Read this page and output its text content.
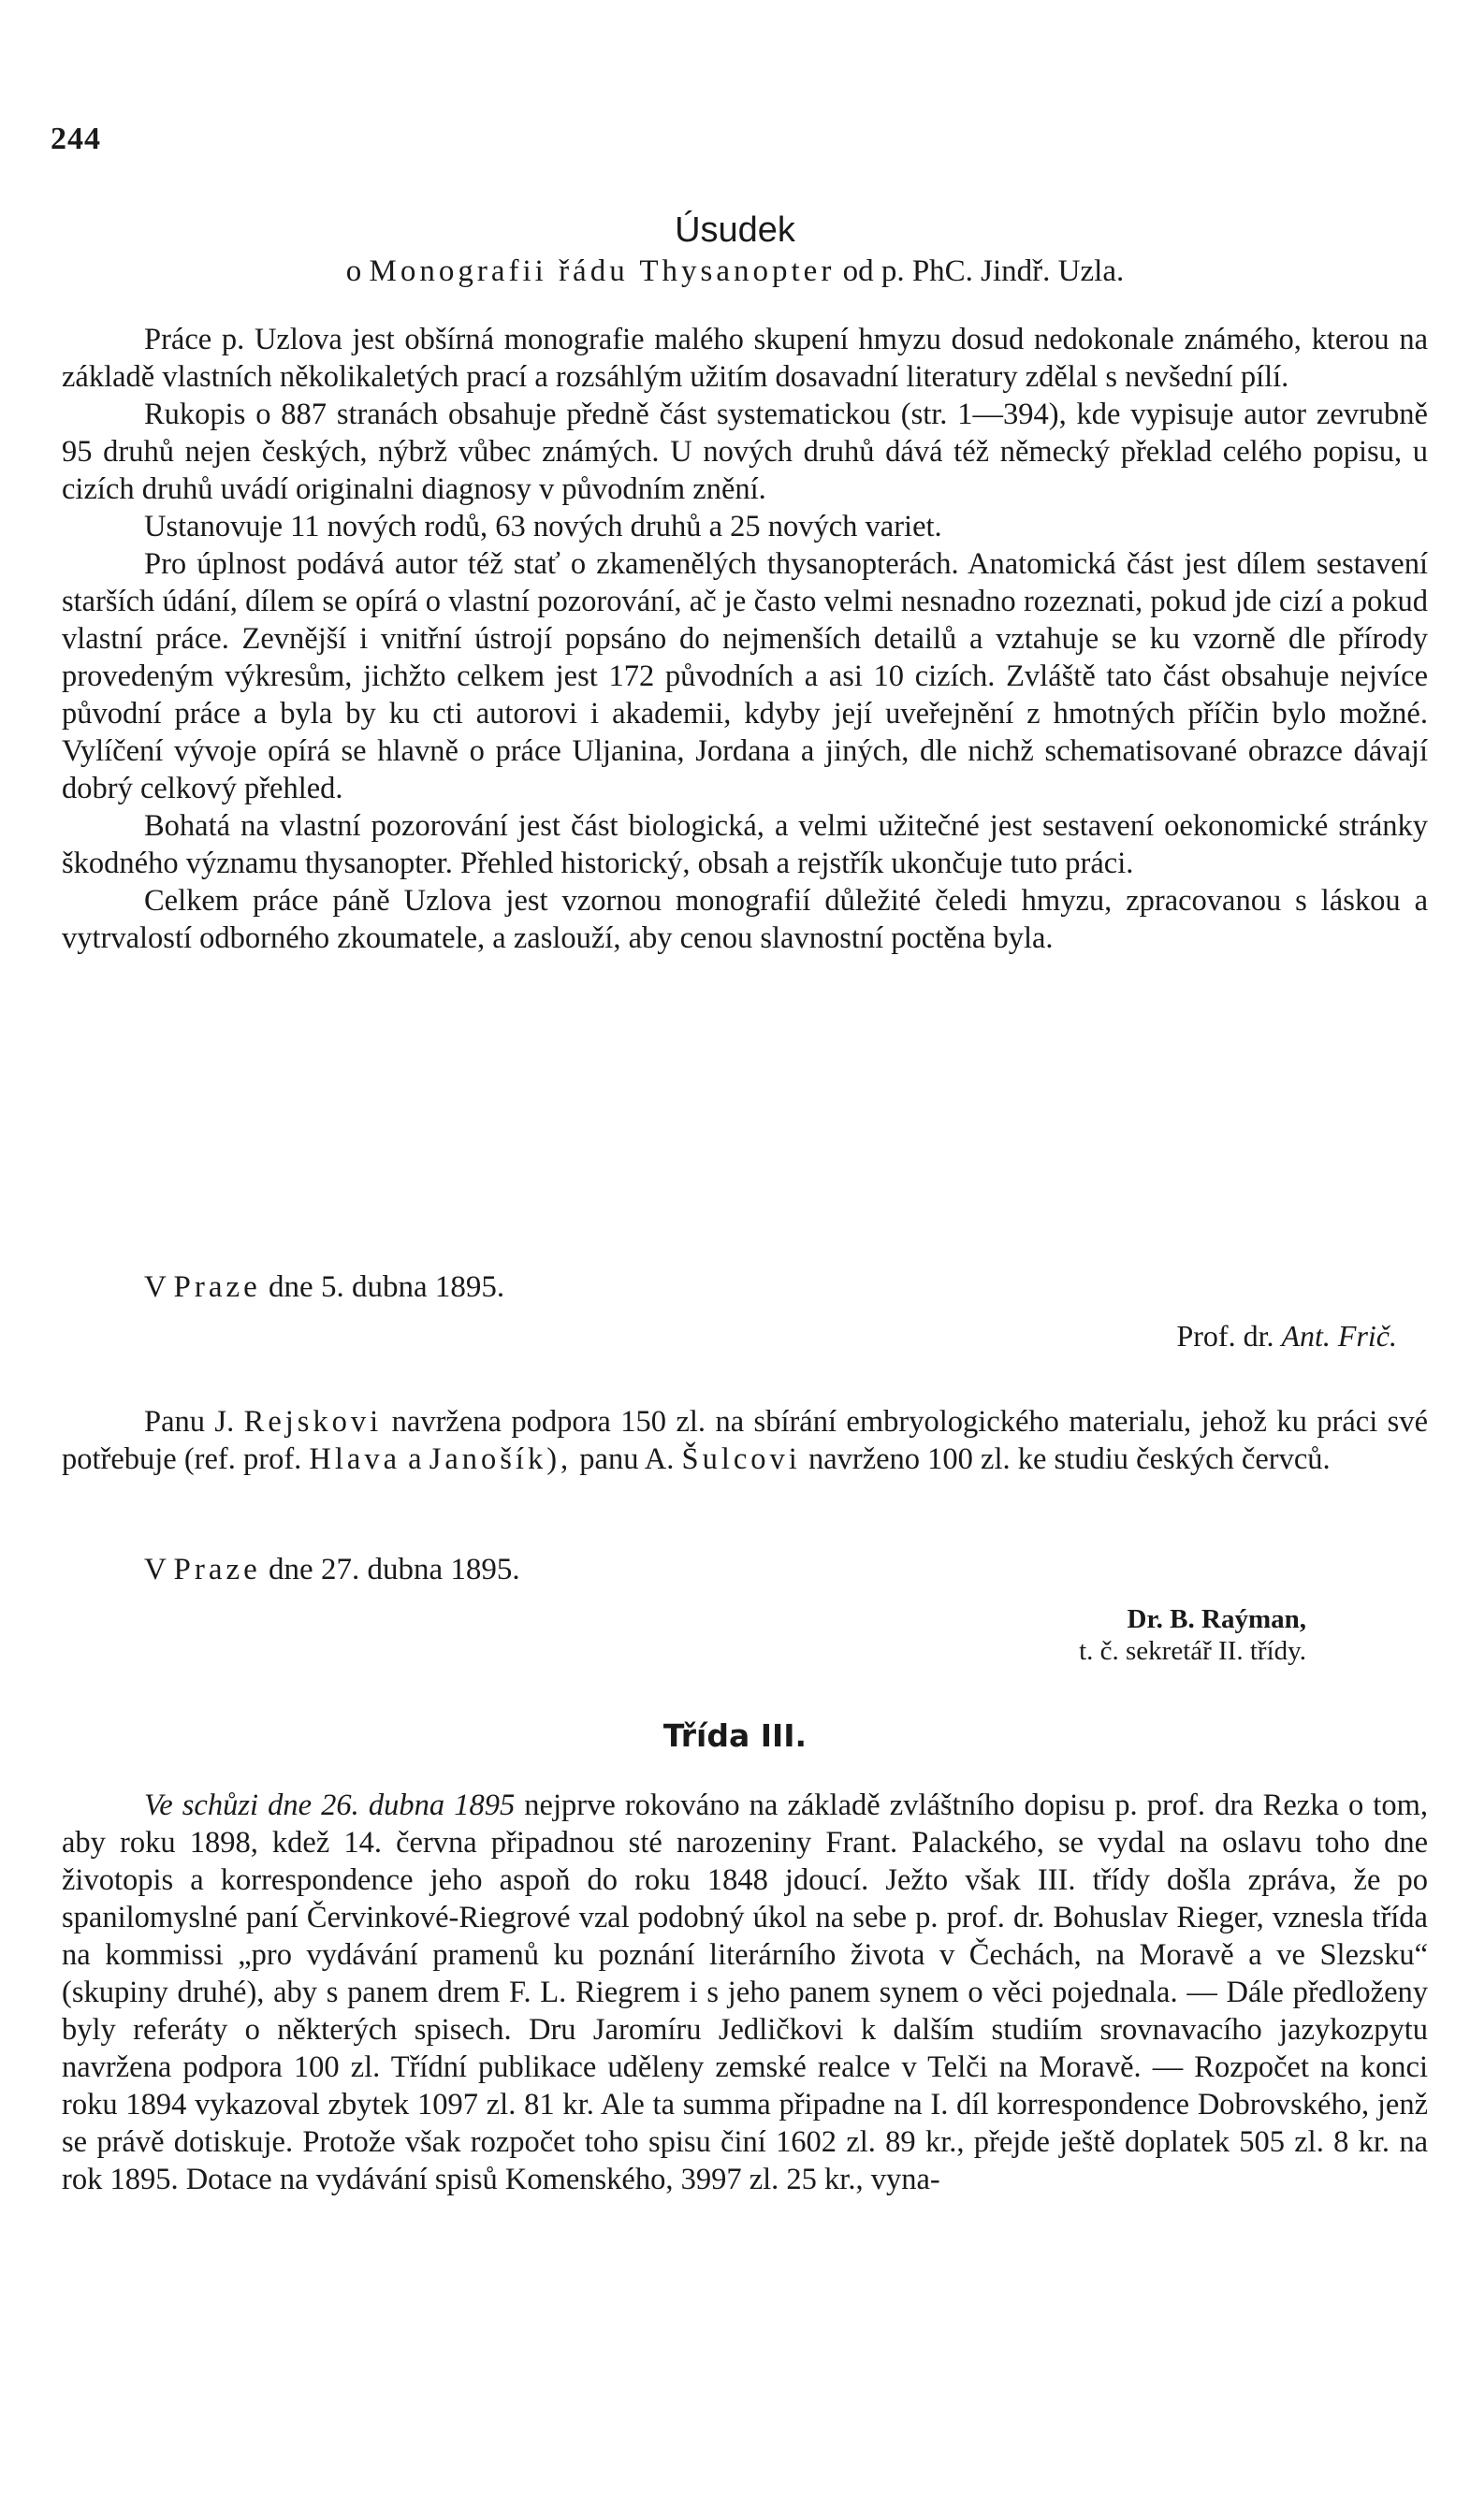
244
Úsudek
o Monografii řádu Thysanopter od p. PhC. Jindř. Uzla.

Práce p. Uzlova jest obšírná monografie malého skupení hmyzu dosud nedokonale známého, kterou na základě vlastních několikaletých prací a rozsáhlým užitím dosavadní literatury zdělal s nevšední pílí.

Rukopis o 887 stranách obsahuje předně část systematickou (str. 1—394), kde vypisuje autor zevrubně 95 druhů nejen českých, nýbrž vůbec známých. U nových druhů dává též německý překlad celého popisu, u cizích druhů uvádí originalni diagnosy v původním znění.

Ustanovuje 11 nových rodů, 63 nových druhů a 25 nových variet.

Pro úplnost podává autor též stať o zkamenělých thysanopterách. Anatomická část jest dílem sestavení starších údání, dílem se opírá o vlastní pozorování, ač je často velmi nesnadno rozeznati, pokud jde cizí a pokud vlastní práce. Zevnější i vnitřní ústrojí popsáno do nejmenších detailů a vztahuje se ku vzorně dle přírody provedeným výkresům, jichžto celkem jest 172 původních a asi 10 cizích. Zvláště tato část obsahuje nejvíce původní práce a byla by ku cti autorovi i akademii, kdyby její uveřejnění z hmotných příčin bylo možné. Vylíčení vývoje opírá se hlavně o práce Uljanina, Jordana a jiných, dle nichž schematisované obrazce dávají dobrý celkový přehled.

Bohatá na vlastní pozorování jest část biologická, a velmi užitečné jest sestavení oekonomické stránky škodného významu thysanopter. Přehled historický, obsah a rejstřík ukončuje tuto práci.

Celkem práce páně Uzlova jest vzornou monografií důležité čeledi hmyzu, zpracovanou s láskou a vytrvalostí odborného zkoumatele, a zaslouží, aby cenou slavnostní poctěna byla.

V Praze dne 5. dubna 1895.
Prof. dr. Ant. Frič.
Panu J. Rejskovi navržena podpora 150 zl. na sbírání embryologického materialu, jehož ku práci své potřebuje (ref. prof. Hlava a Janošík), panu A. Šulcovi navrženo 100 zl. ke studiu českých červců.
V Praze dne 27. dubna 1895.
Dr. B. Raýman,
t. č. sekretář II. třídy.
Třída III.

Ve schůzi dne 26. dubna 1895 nejprve rokováno na základě zvláštního dopisu p. prof. dra Rezka o tom, aby roku 1898, kdež 14. června připadnou sté narozeniny Frant. Palackého, se vydal na oslavu toho dne životopis a korrespondence jeho aspoň do roku 1848 jdoucí. Ježto však III. třídy došla zpráva, že po spanilomyslné paní Červinkové-Riegrové vzal podobný úkol na sebe p. prof. dr. Bohuslav Rieger, vznesla třída na kommissi „pro vydávání pramenů ku poznání literárního života v Čechách, na Moravě a ve Slezsku“ (skupiny druhé), aby s panem drem F. L. Riegrem i s jeho panem synem o věci pojednala. — Dále předloženy byly referáty o některých spisech. Dru Jaromíru Jedličkovi k dalším studiím srovnavacího jazykozpytu navržena podpora 100 zl. Třídní publikace uděleny zemské realce v Telči na Moravě. — Rozpočet na konci roku 1894 vykazoval zbytek 1097 zl. 81 kr. Ale ta summa připadne na I. díl korrespondence Dobrovského, jenž se právě dotiskuje. Protože však rozpočet toho spisu činí 1602 zl. 89 kr., přejde ještě doplatek 505 zl. 8 kr. na rok 1895. Dotace na vydávání spisů Komenského, 3997 zl. 25 kr., vyna-
